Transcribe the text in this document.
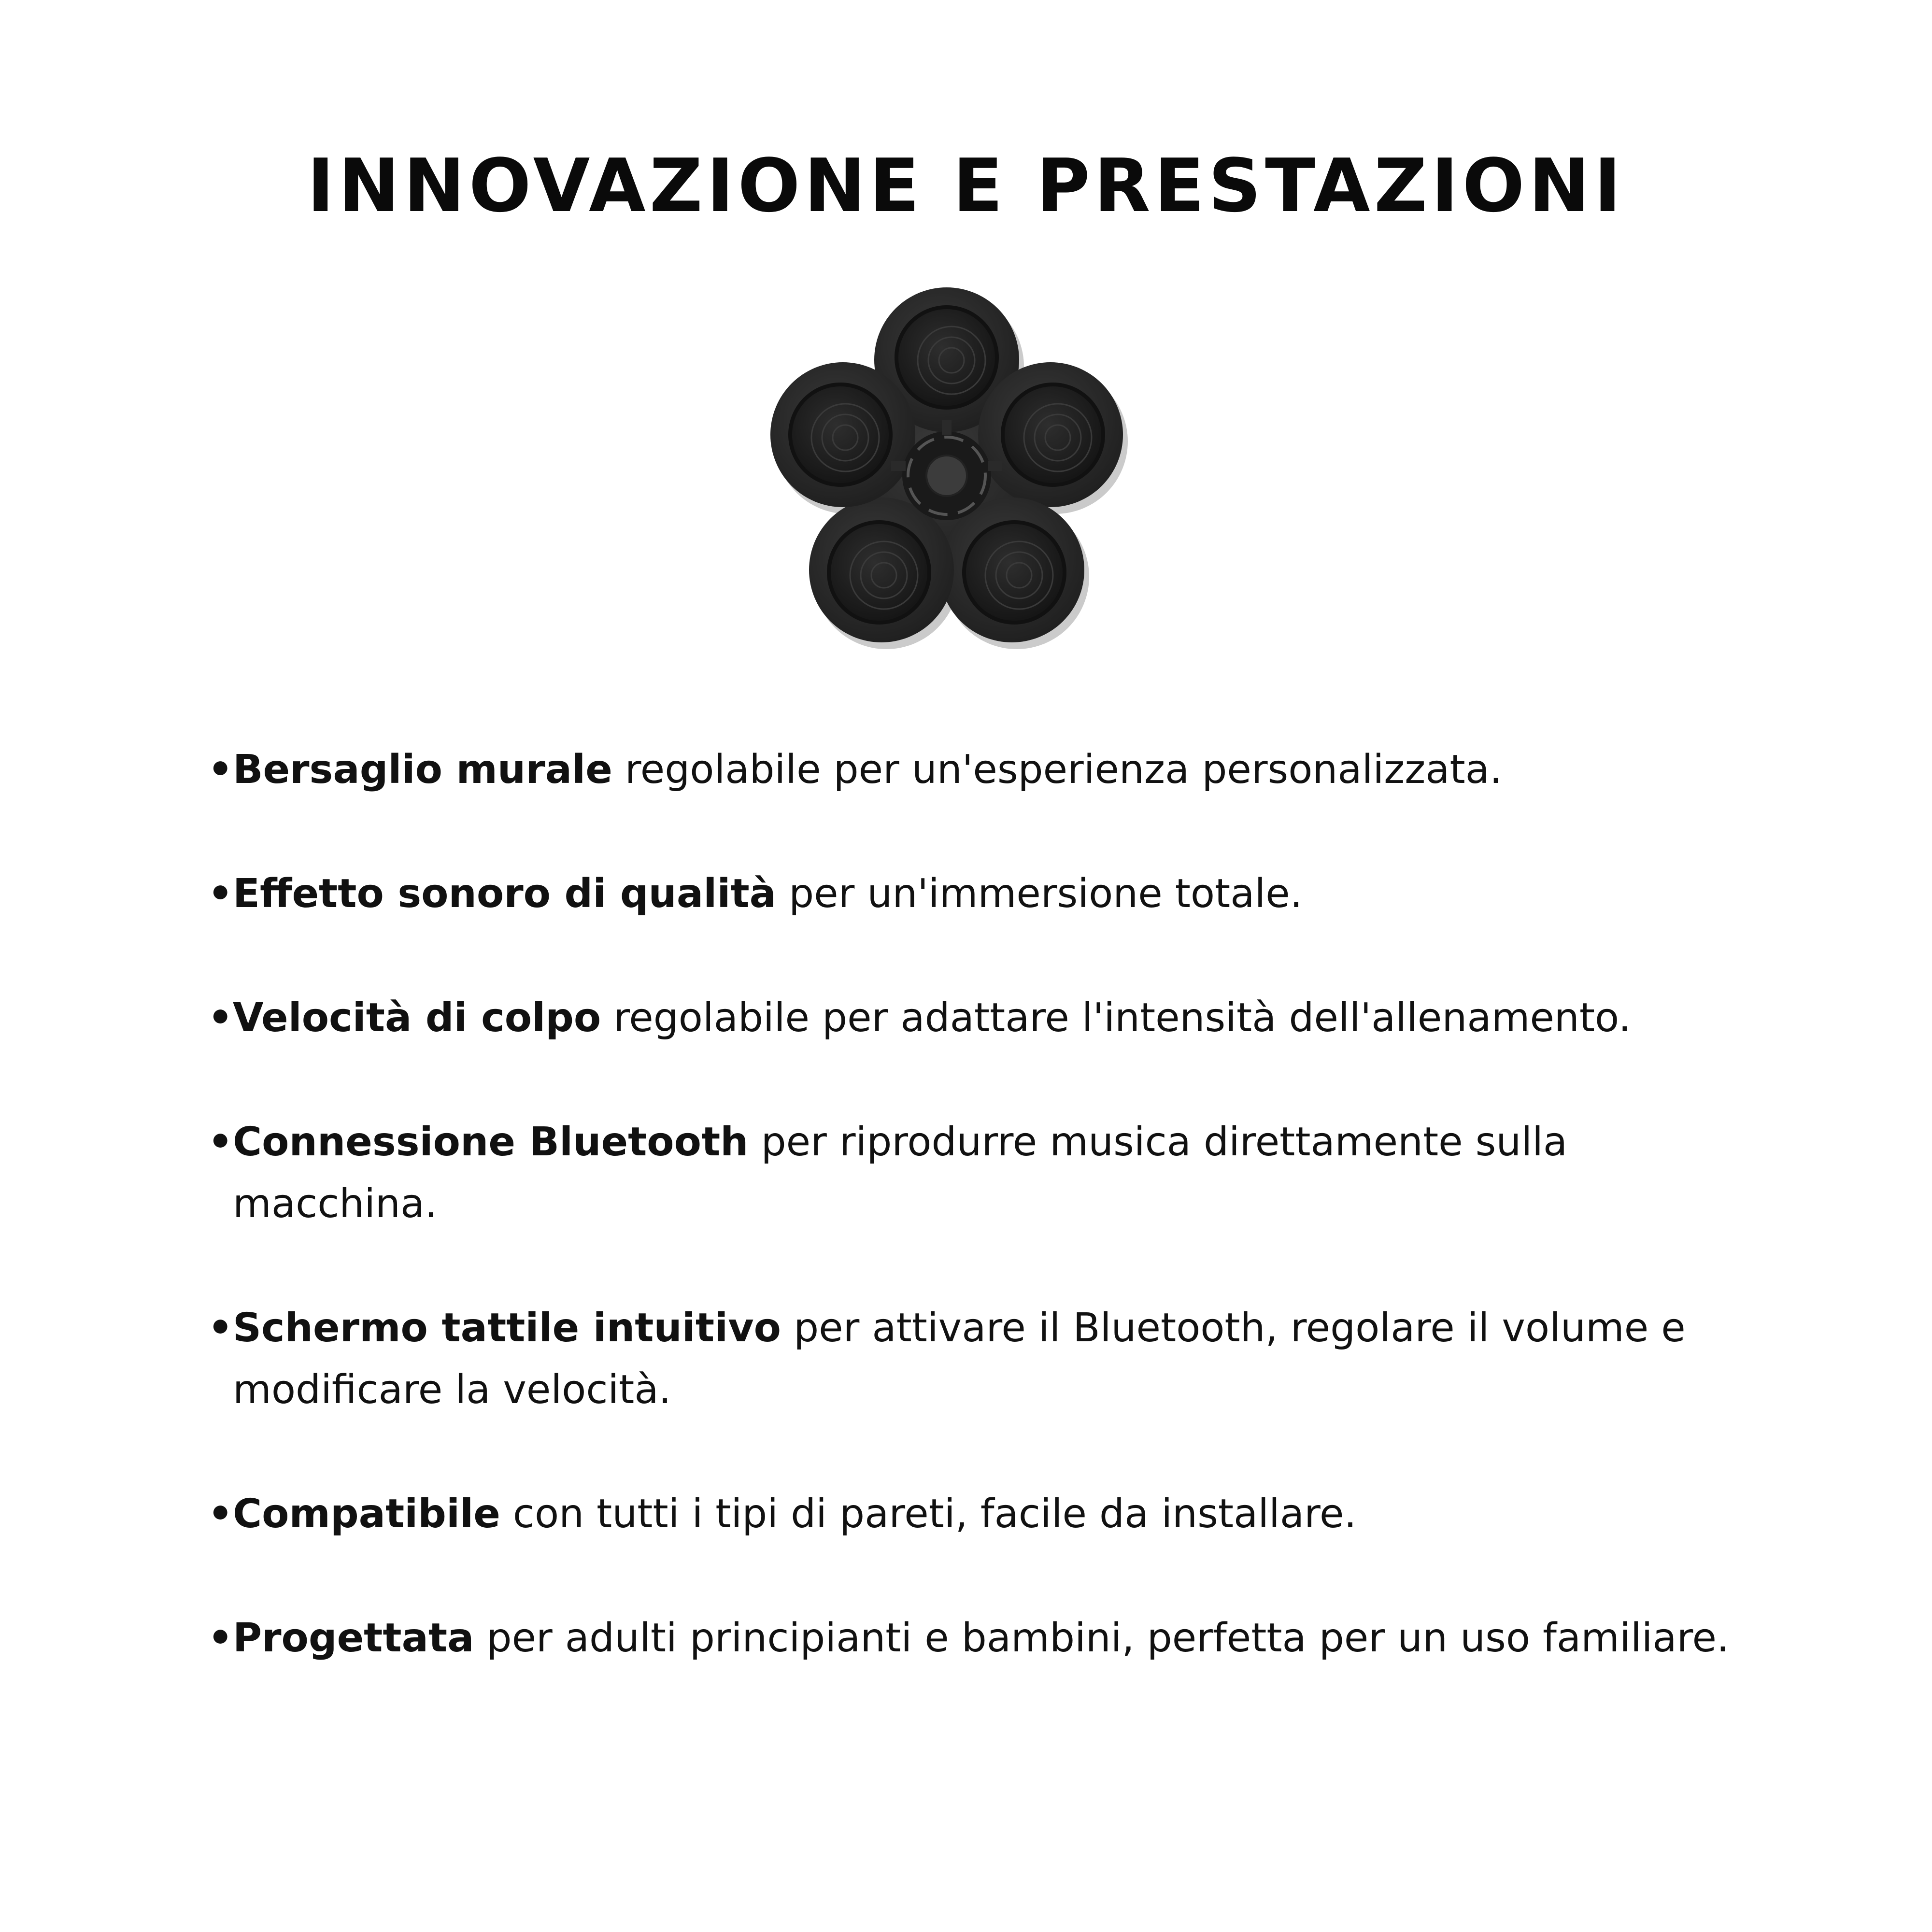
INNOVAZIONE E PRESTAZIONI
• Bersaglio murale regolabile per un'esperienza personalizzata.
• Effetto sonoro di qualità per un'immersione totale.
• Velocità di colpo regolabile per adattare l'intensità dell'allenamento.
• Connessione Bluetooth per riprodurre musica direttamente sulla macchina.
• Schermo tattile intuitivo per attivare il Bluetooth, regolare il volume e modificare la velocità.
• Compatibile con tutti i tipi di pareti, facile da installare.
• Progettata per adulti principianti e bambini, perfetta per un uso familiare.
